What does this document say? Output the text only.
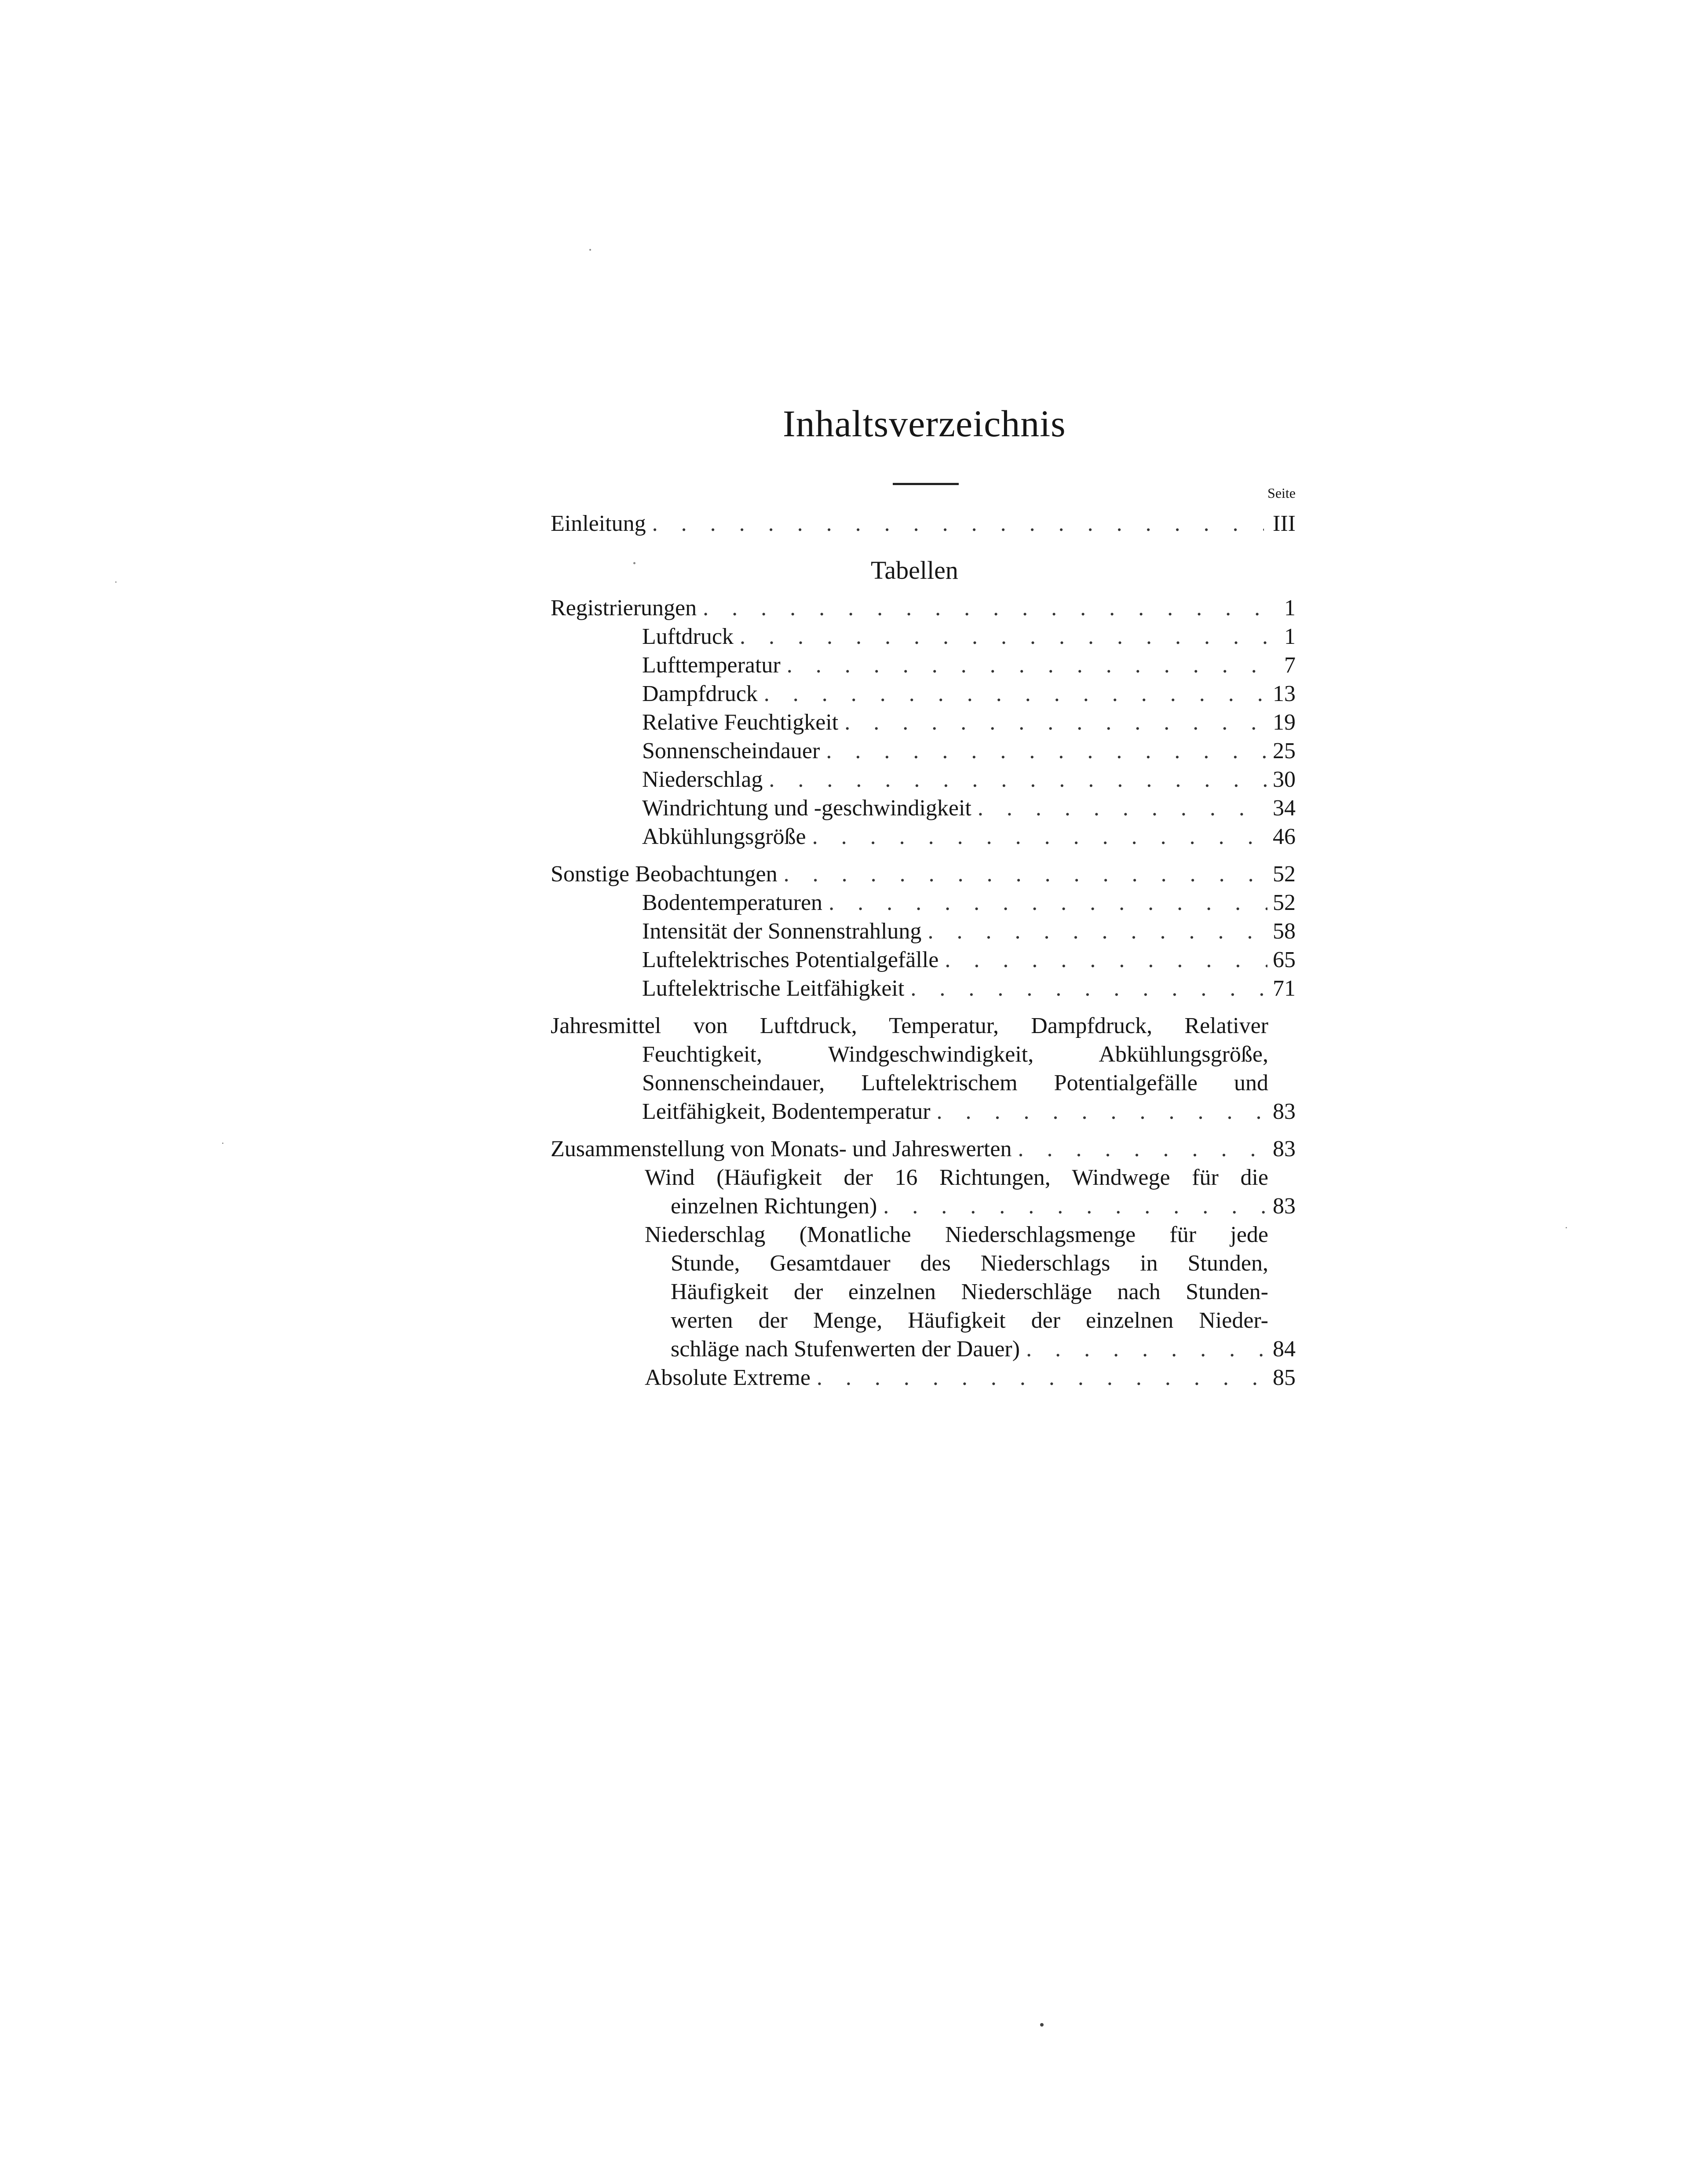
Inhaltsverzeichnis
Seite
Einleitung . . .	III
Tabellen
Registrierungen . . .	1
Luftdruck . . .	1
Lufttemperatur . . .	7
Dampfdruck . . .	13
Relative Feuchtigkeit . . .	19
Sonnenscheindauer . . .	25
Niederschlag . . .	30
Windrichtung und -geschwindigkeit . . .	34
Abkühlungsgröße . . .	46
Sonstige Beobachtungen . . .	52
Bodentemperaturen . . .	52
Intensität der Sonnenstrahlung . . .	58
Luftelektrisches Potentialgefälle . . .	65
Luftelektrische Leitfähigkeit . . .	71
Jahresmittel von Luftdruck, Temperatur, Dampfdruck, Relativer
Feuchtigkeit, Windgeschwindigkeit, Abkühlungsgröße,
Sonnenscheindauer, Luftelektrischem Potentialgefälle und
Leitfähigkeit, Bodentemperatur . . .	83
Zusammenstellung von Monats- und Jahreswerten . . .	83
Wind (Häufigkeit der 16 Richtungen, Windwege für die
einzelnen Richtungen) . . .	83
Niederschlag (Monatliche Niederschlagsmenge für jede
Stunde, Gesamtdauer des Niederschlags in Stunden,
Häufigkeit der einzelnen Niederschläge nach Stunden-
werten der Menge, Häufigkeit der einzelnen Nieder-
schläge nach Stufenwerten der Dauer) . . .	84
Absolute Extreme . . .	85
